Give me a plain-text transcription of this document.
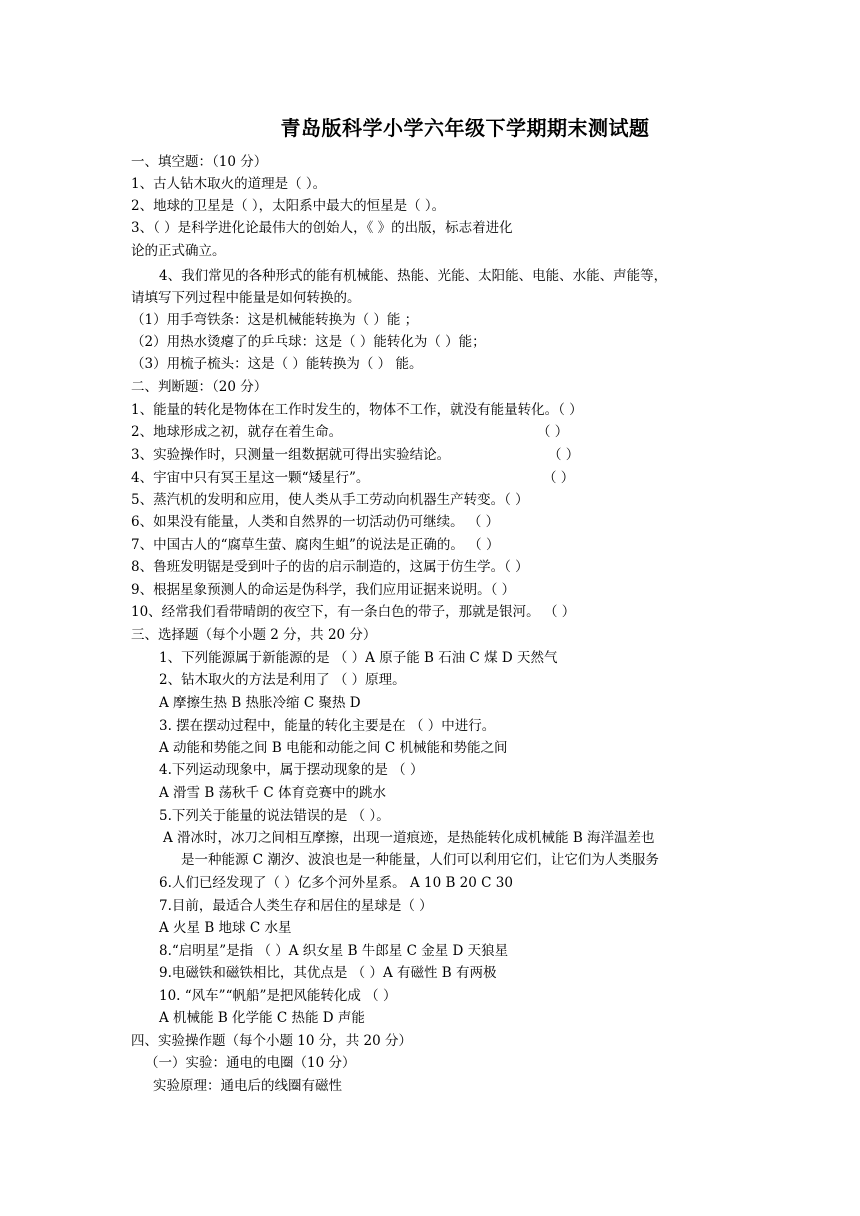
青岛版科学小学六年级下学期期末测试题
一、填空题：（10 分）
1、古人钻木取火的道理是（ ）。
2、地球的卫星是（ ），太阳系中最大的恒星是（ ）。
3、（ ）是科学进化论最伟大的创始人，《 》的出版，标志着进化
论的正式确立。
4、我们常见的各种形式的能有机械能、热能、光能、太阳能、电能、水能、声能等，
请填写下列过程中能量是如何转换的。
（1）用手弯铁条：这是机械能转换为（ ）能 ；
（2）用热水烫瘪了的乒乓球：这是（ ）能转化为（ ）能；
（3）用梳子梳头：这是（ ）能转换为（ ） 能。
二、判断题：（20 分）
1、能量的转化是物体在工作时发生的，物体不工作，就没有能量转化。（ ）
2、地球形成之初，就存在着生命。	（ ）
3、实验操作时，只测量一组数据就可得出实验结论。	（ ）
4、宇宙中只有冥王星这一颗“矮星行”。	（ ）
5、蒸汽机的发明和应用，使人类从手工劳动向机器生产转变。（ ）
6、如果没有能量，人类和自然界的一切活动仍可继续。 （ ）
7、中国古人的“腐草生萤、腐肉生蛆”的说法是正确的。 （ ）
8、鲁班发明锯是受到叶子的齿的启示制造的，这属于仿生学。（ ）
9、根据星象预测人的命运是伪科学，我们应用证据来说明。（ ）
10、经常我们看带晴朗的夜空下，有一条白色的带子，那就是银河。 （ ）
三、选择题（每个小题 2 分，共 20 分）
1、下列能源属于新能源的是 （ ）A 原子能 B 石油 C 煤 D 天然气
2、钻木取火的方法是利用了 （ ）原理。
A 摩擦生热 B 热胀冷缩 C 聚热 D
3. 摆在摆动过程中，能量的转化主要是在 （ ）中进行。
A 动能和势能之间 B 电能和动能之间 C 机械能和势能之间
4.下列运动现象中，属于摆动现象的是 （ ）
A 滑雪 B 荡秋千 C 体育竞赛中的跳水
5.下列关于能量的说法错误的是 （ ）。
A 滑冰时，冰刀之间相互摩擦，出现一道痕迹，是热能转化成机械能 B 海洋温差也
是一种能源 C 潮汐、波浪也是一种能量，人们可以利用它们，让它们为人类服务
6.人们已经发现了（ ）亿多个河外星系。 A 10 B 20 C 30
7.目前，最适合人类生存和居住的星球是（ ）
A 火星 B 地球 C 水星
8.“启明星”是指 （ ）A 织女星 B 牛郎星 C 金星 D 天狼星
9.电磁铁和磁铁相比，其优点是 （ ）A 有磁性 B 有两极
10. “风车”“帆船”是把风能转化成 （ ）
A 机械能 B 化学能 C 热能 D 声能
四、实验操作题（每个小题 10 分，共 20 分）
（一）实验：通电的电圈（10 分）
实验原理：通电后的线圈有磁性
